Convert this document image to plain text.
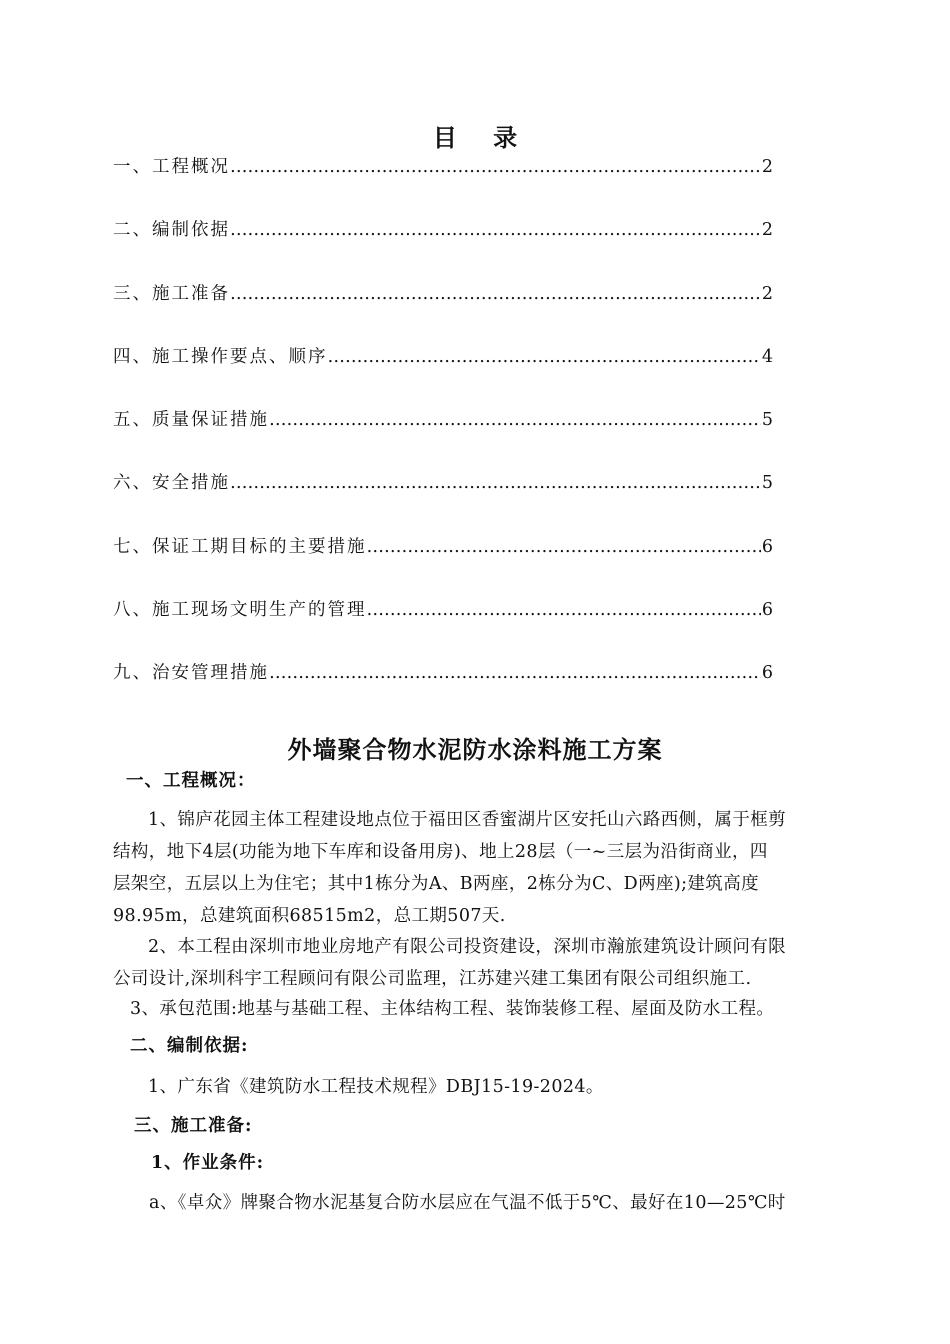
目 录
一、工程概况 …………………………………………………………………………………………………………………………………………………………………	2
二、编制依据 …………………………………………………………………………………………………………………………………………………………………	2
三、施工准备 …………………………………………………………………………………………………………………………………………………………………	2
四、施工操作要点、顺序 …………………………………………………………………………………………………………………………………………………………………	4
五、质量保证措施 …………………………………………………………………………………………………………………………………………………………………	5
六、安全措施 …………………………………………………………………………………………………………………………………………………………………	5
七、保证工期目标的主要措施 …………………………………………………………………………………………………………………………………………………………………	6
八、施工现场文明生产的管理 …………………………………………………………………………………………………………………………………………………………………	6
九、治安管理措施 …………………………………………………………………………………………………………………………………………………………………	6
外墙聚合物水泥防水涂料施工方案
一、工程概况：
1、锦庐花园主体工程建设地点位于福田区香蜜湖片区安托山六路西侧，属于框剪
结构，地下4层(功能为地下车库和设备用房)、地上28层（一~三层为沿街商业，四
层架空，五层以上为住宅；其中1栋分为A、B两座，2栋分为C、D两座);建筑高度
98.95m，总建筑面积68515m2，总工期507天.
2、本工程由深圳市地业房地产有限公司投资建设，深圳市瀚旅建筑设计顾问有限
公司设计,深圳科宇工程顾问有限公司监理，江苏建兴建工集团有限公司组织施工.
3、承包范围:地基与基础工程、主体结构工程、装饰装修工程、屋面及防水工程。
二、编制依据:
1、广东省《建筑防水工程技术规程》DBJ15-19-2024。
三、施工准备:
1、作业条件:
a、《卓众》牌聚合物水泥基复合防水层应在气温不低于5℃、最好在10—25℃时
